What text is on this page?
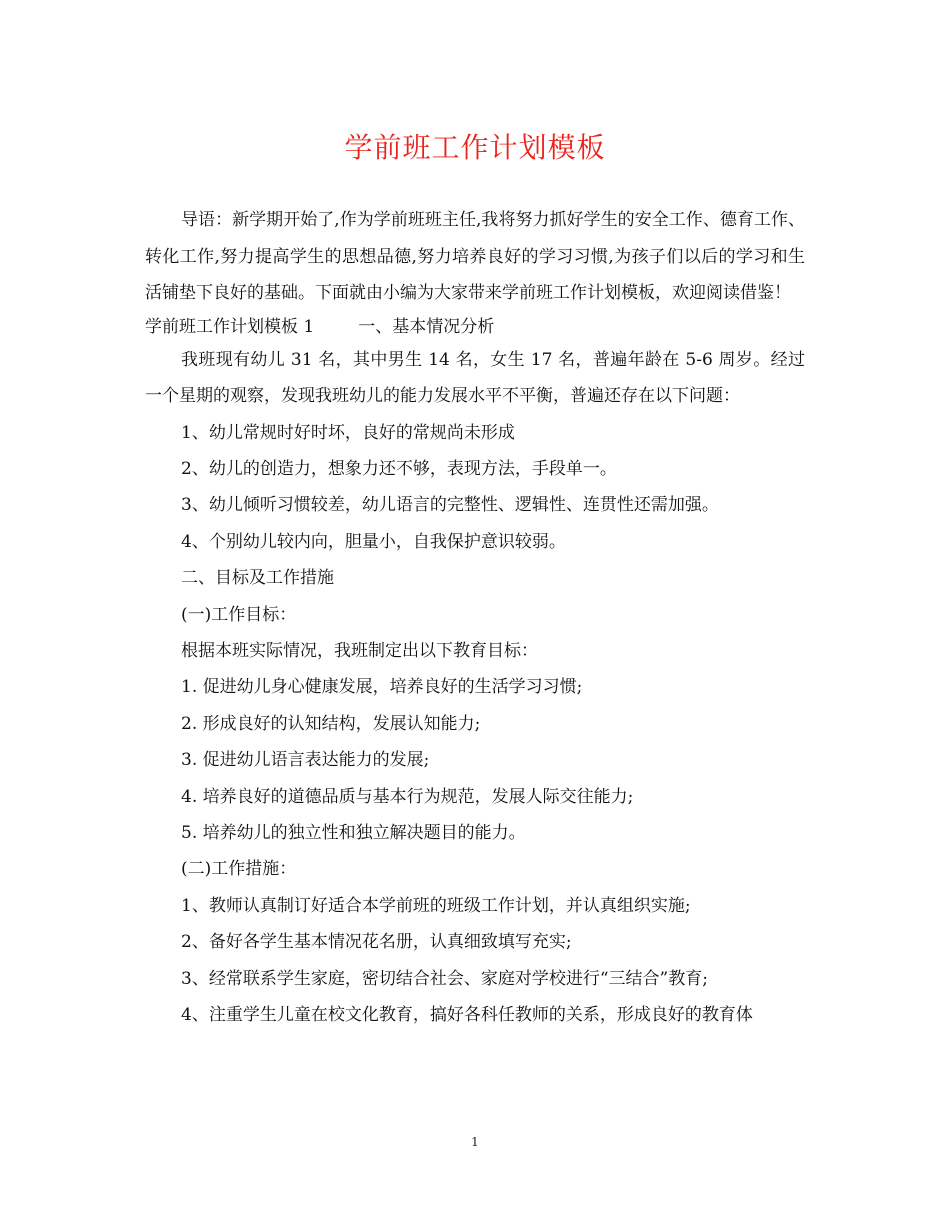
学前班工作计划模板

导语：新学期开始了,作为学前班班主任,我将努力抓好学生的安全工作、德育工作、转化工作,努力提高学生的思想品德,努力培养良好的学习习惯,为孩子们以后的学习和生活铺垫下良好的基础。下面就由小编为大家带来学前班工作计划模板，欢迎阅读借鉴！

学前班工作计划模板 1	一、基本情况分析

我班现有幼儿 31 名，其中男生 14 名，女生 17 名，普遍年龄在 5-6 周岁。经过一个星期的观察，发现我班幼儿的能力发展水平不平衡，普遍还存在以下问题：

1、幼儿常规时好时坏，良好的常规尚未形成

2、幼儿的创造力，想象力还不够，表现方法，手段单一。

3、幼儿倾听习惯较差，幼儿语言的完整性、逻辑性、连贯性还需加强。

4、个别幼儿较内向，胆量小，自我保护意识较弱。

二、目标及工作措施

(一)工作目标：

根据本班实际情况，我班制定出以下教育目标：

1. 促进幼儿身心健康发展，培养良好的生活学习习惯;

2. 形成良好的认知结构，发展认知能力;

3. 促进幼儿语言表达能力的发展;

4. 培养良好的道德品质与基本行为规范，发展人际交往能力;

5. 培养幼儿的独立性和独立解决题目的能力。

(二)工作措施：

1、教师认真制订好适合本学前班的班级工作计划，并认真组织实施;

2、备好各学生基本情况花名册，认真细致填写充实;

3、经常联系学生家庭，密切结合社会、家庭对学校进行“三结合”教育;

4、注重学生儿童在校文化教育，搞好各科任教师的关系，形成良好的教育体

1
